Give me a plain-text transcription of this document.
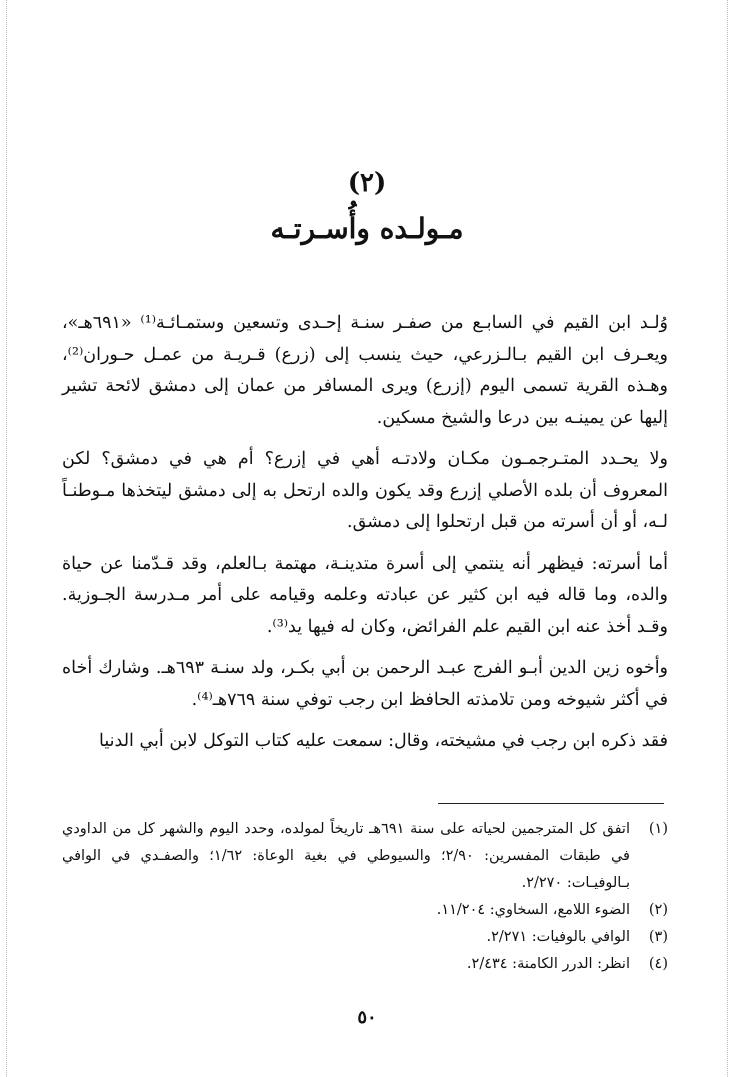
(٢)
مـولـده وأُسـرتـه

وُلـد ابن القيم في السابـع من صفـر سنـة إحـدى وتسعين وستمـائـة⁽¹⁾ «٦٩١هـ»، ويعـرف ابن القيم بـالـزرعي، حيث ينسب إلى (زرع) قـريـة من عمـل حـوران⁽²⁾، وهـذه القرية تسمى اليوم (إزرع) ويرى المسافر من عمان إلى دمشق لائحة تشير إليها عن يمينـه بين درعا والشيخ مسكين.

ولا يحـدد المتـرجمـون مكـان ولادتـه أهي في إزرع؟ أم هي في دمشق؟ لكن المعروف أن بلده الأصلي إزرع وقد يكون والده ارتحل به إلى دمشق ليتخذها مـوطنـاً لـه، أو أن أسرته من قبل ارتحلوا إلى دمشق.

أما أسرته: فيظهر أنه ينتمي إلى أسرة متدينـة، مهتمة بـالعلم، وقد قـدّمنا عن حياة والده، وما قاله فيه ابن كثير عن عبادته وعلمه وقيامه على أمر مـدرسة الجـوزية. وقـد أخذ عنه ابن القيم علم الفرائض، وكان له فيها يد⁽³⁾.

وأخوه زين الدين أبـو الفرج عبـد الرحمن بن أبي بكـر، ولد سنـة ٦٩٣هـ. وشارك أخاه في أكثر شيوخه ومن تلامذته الحافظ ابن رجب توفي سنة ٧٦٩هـ⁽⁴⁾.

فقد ذكره ابن رجب في مشيخته، وقال: سمعت عليه كتاب التوكل لابن أبي الدنيا

(١)
اتفق كل المترجمين لحياته على سنة ٦٩١هـ تاريخاً لمولده، وحدد اليوم والشهر كل من الداودي في طبقات المفسرين: ٢/٩٠؛ والسيوطي في بغية الوعاة: ١/٦٢؛ والصفـدي في الوافي بـالوفيـات: ٢/٢٧٠.
(٢)
الضوء اللامع، السخاوي: ١١/٢٠٤.
(٣)
الوافي بالوفيات: ٢/٢٧١.
(٤)
انظر: الدرر الكامنة: ٢/٤٣٤.
٥٠
